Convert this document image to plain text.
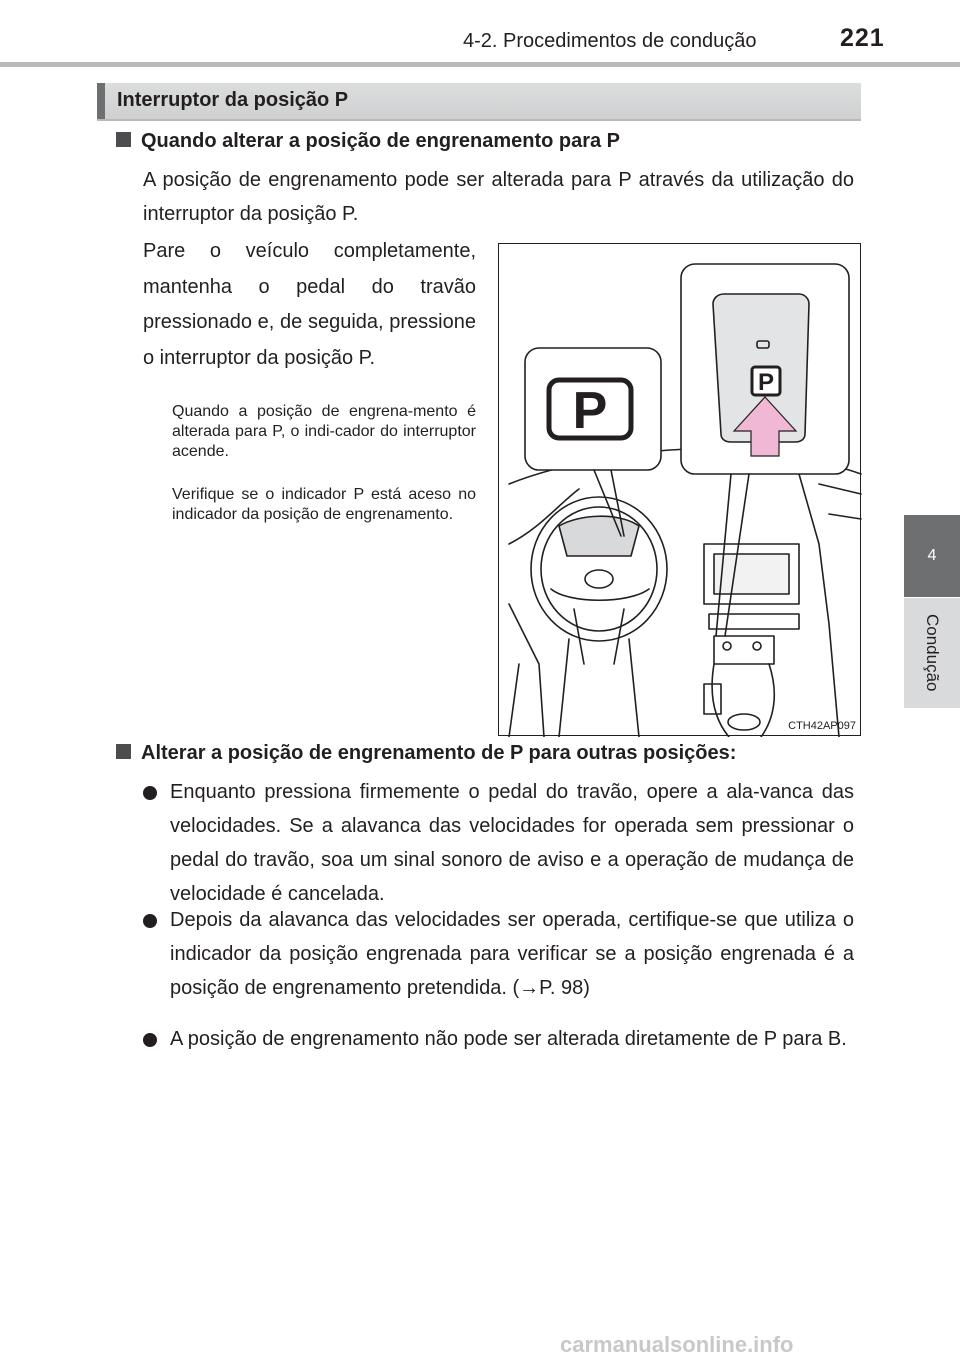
4-2. Procedimentos de condução	221
4
Condução
Interruptor da posição P
Quando alterar a posição de engrenamento para P
A posição de engrenamento pode ser alterada para P através da utilização do interruptor da posição P.
Pare o veículo completamente, mantenha o pedal do travão pressionado e, de seguida, pressione o interruptor da posição P.
Quando a posição de engrena-mento é alterada para P, o indi-cador do interruptor acende.
Verifique se o indicador P está aceso no indicador da posição de engrenamento.
P	P
CTH42AP097
Alterar a posição de engrenamento de P para outras posições:
Enquanto pressiona firmemente o pedal do travão, opere a ala-vanca das velocidades. Se a alavanca das velocidades for operada sem pressionar o pedal do travão, soa um sinal sonoro de aviso e a operação de mudança de velocidade é cancelada.
Depois da alavanca das velocidades ser operada, certifique-se que utiliza o indicador da posição engrenada para verificar se a posição engrenada é a posição de engrenamento pretendida. (→P. 98)
A posição de engrenamento não pode ser alterada diretamente de P para B.
carmanualsonline.info
